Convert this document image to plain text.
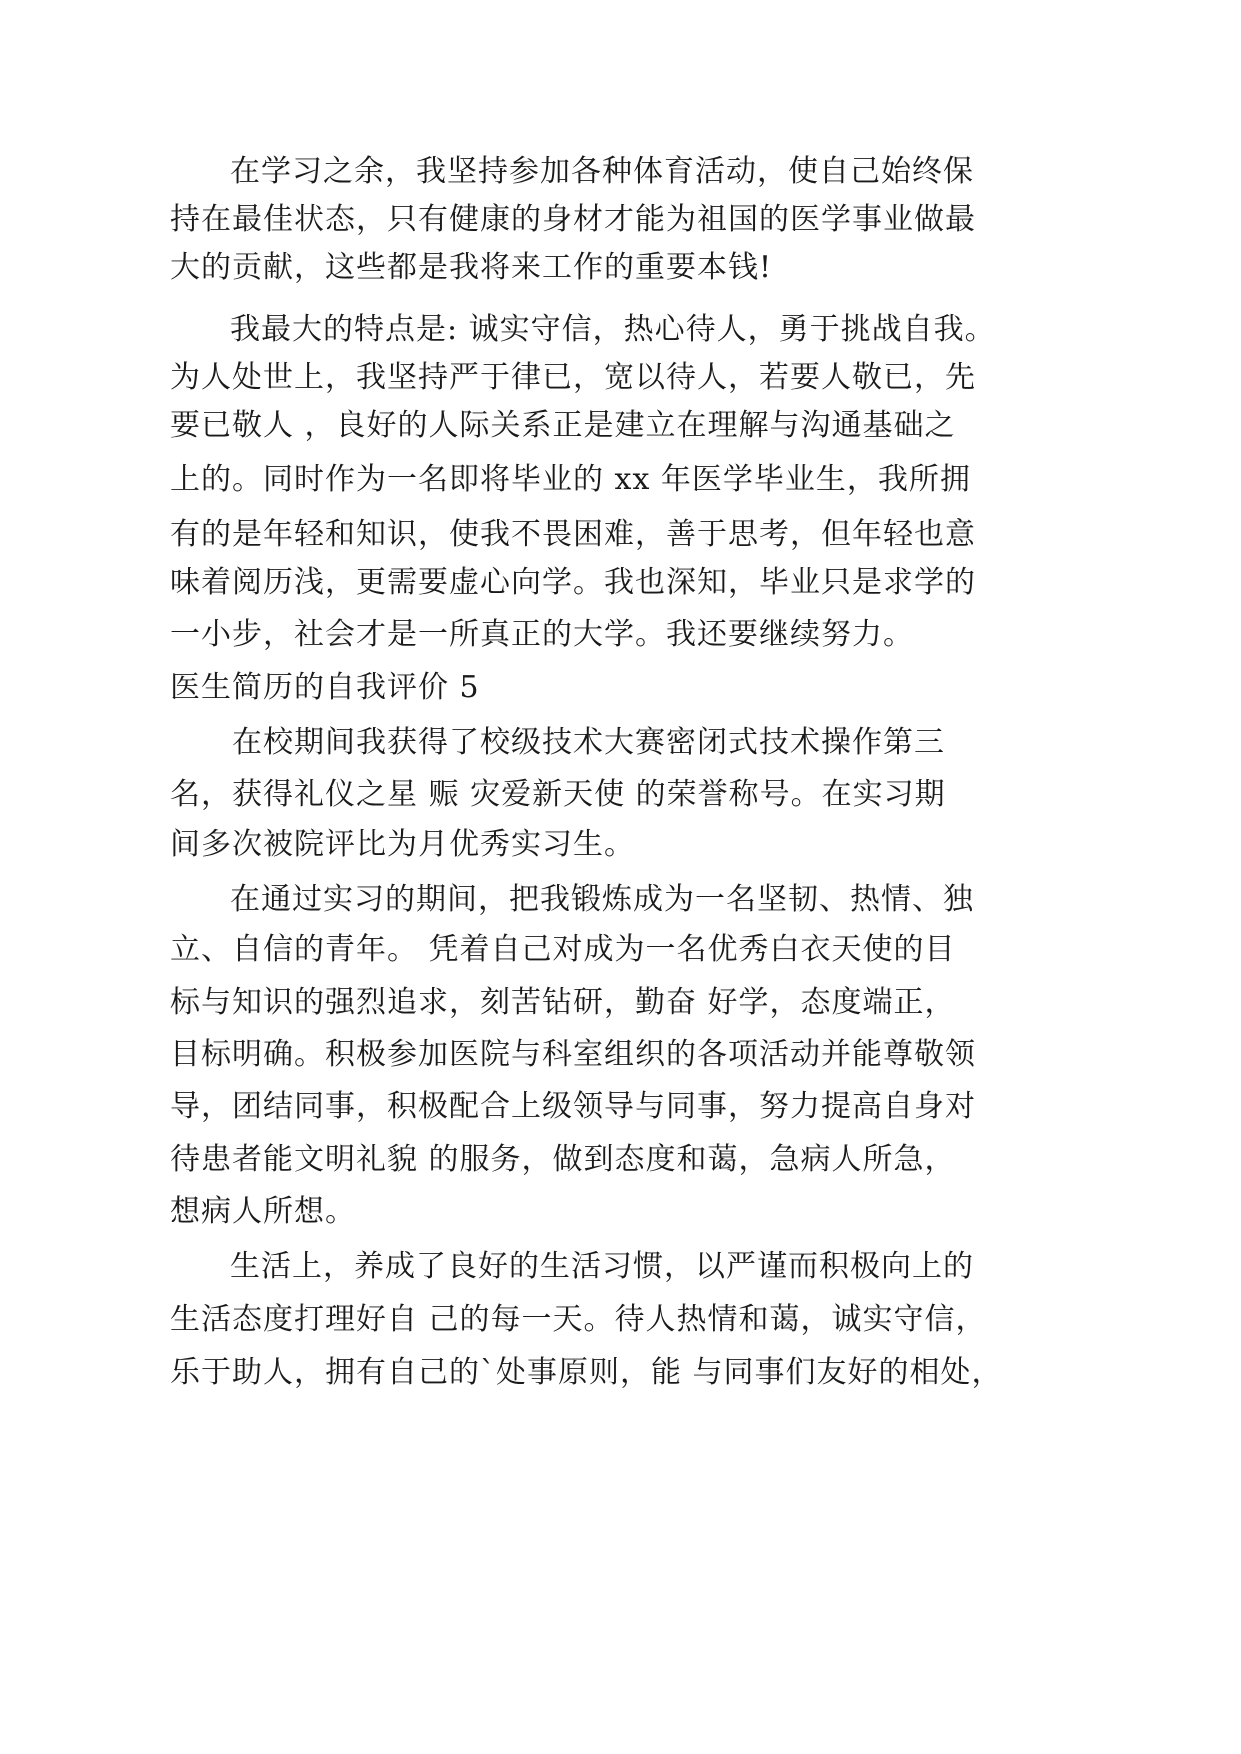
在学习之余，我坚持参加各种体育活动，使自己始终保
持在最佳状态，只有健康的身材才能为祖国的医学事业做最
大的贡献，这些都是我将来工作的重要本钱!
我最大的特点是: 诚实守信，热心待人，勇于挑战自我。
为人处世上，我坚持严于律已，宽以待人，若要人敬已，先
要已敬人 ，良好的人际关系正是建立在理解与沟通基础之
上的。同时作为一名即将毕业的 xx 年医学毕业生，我所拥
有的是年轻和知识，使我不畏困难，善于思考，但年轻也意
味着阅历浅，更需要虚心向学。我也深知，毕业只是求学的
一小步，社会才是一所真正的大学。我还要继续努力。
医生简历的自我评价 5
在校期间我获得了校级技术大赛密闭式技术操作第三
名，获得礼仪之星 赈 灾爱新天使 的荣誉称号。在实习期
间多次被院评比为月优秀实习生。
在通过实习的期间，把我锻炼成为一名坚韧、热情、独
立、自信的青年。 凭着自己对成为一名优秀白衣天使的目
标与知识的强烈追求，刻苦钻研，勤奋 好学，态度端正，
目标明确。积极参加医院与科室组织的各项活动并能尊敬领
导，团结同事，积极配合上级领导与同事，努力提高自身对
待患者能文明礼貌 的服务，做到态度和蔼，急病人所急，
想病人所想。
生活上，养成了良好的生活习惯，以严谨而积极向上的
生活态度打理好自 己的每一天。待人热情和蔼，诚实守信，
乐于助人，拥有自己的`处事原则，能 与同事们友好的相处，
